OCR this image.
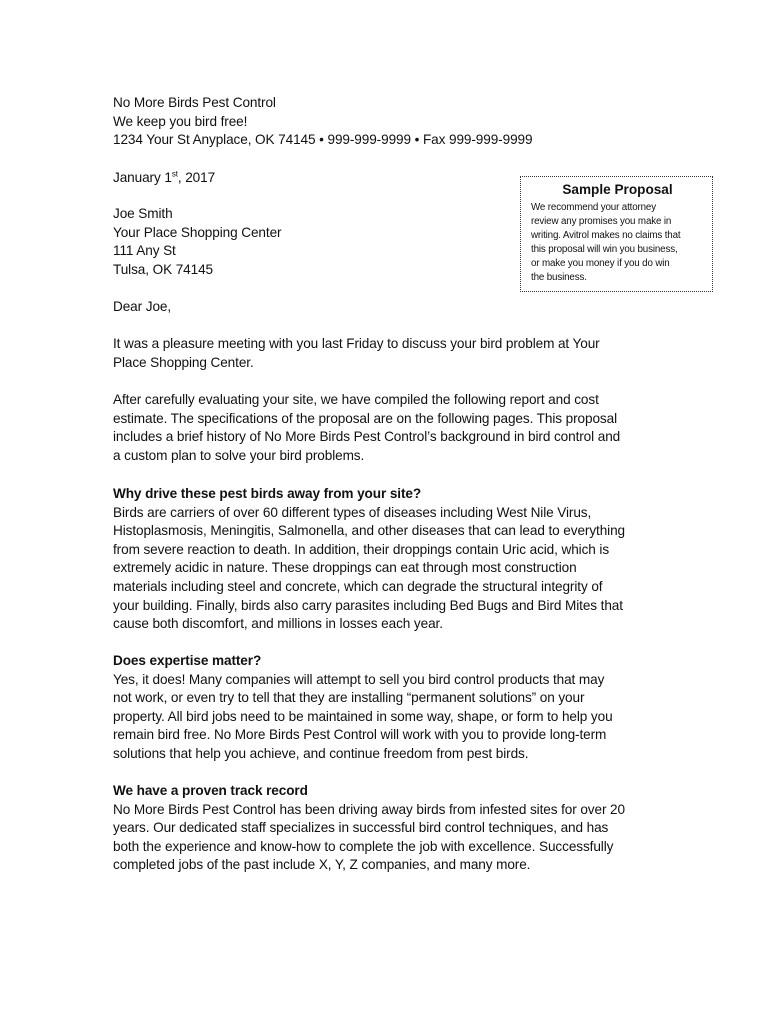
No More Birds Pest Control
We keep you bird free!
1234 Your St Anyplace, OK 74145 • 999-999-9999 • Fax 999-999-9999
January 1st, 2017
Joe Smith
Your Place Shopping Center
111 Any St
Tulsa, OK 74145
Sample Proposal
We recommend your attorney
review any promises you make in
writing. Avitrol makes no claims that
this proposal will win you business,
or make you money if you do win
the business.
Dear Joe,
It was a pleasure meeting with you last Friday to discuss your bird problem at Your
Place Shopping Center.
After carefully evaluating your site, we have compiled the following report and cost
estimate. The specifications of the proposal are on the following pages. This proposal
includes a brief history of No More Birds Pest Control’s background in bird control and
a custom plan to solve your bird problems.
Why drive these pest birds away from your site?
Birds are carriers of over 60 different types of diseases including West Nile Virus,
Histoplasmosis, Meningitis, Salmonella, and other diseases that can lead to everything
from severe reaction to death. In addition, their droppings contain Uric acid, which is
extremely acidic in nature. These droppings can eat through most construction
materials including steel and concrete, which can degrade the structural integrity of
your building. Finally, birds also carry parasites including Bed Bugs and Bird Mites that
cause both discomfort, and millions in losses each year.
Does expertise matter?
Yes, it does! Many companies will attempt to sell you bird control products that may
not work, or even try to tell that they are installing “permanent solutions” on your
property. All bird jobs need to be maintained in some way, shape, or form to help you
remain bird free. No More Birds Pest Control will work with you to provide long-term
solutions that help you achieve, and continue freedom from pest birds.
We have a proven track record
No More Birds Pest Control has been driving away birds from infested sites for over 20
years. Our dedicated staff specializes in successful bird control techniques, and has
both the experience and know-how to complete the job with excellence. Successfully
completed jobs of the past include X, Y, Z companies, and many more.
